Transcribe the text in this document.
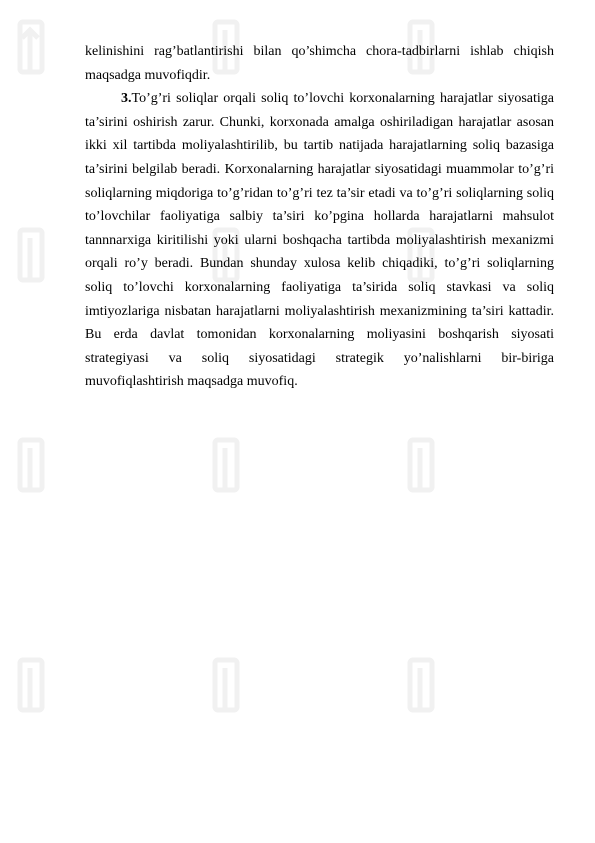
kelinishini rag’batlantirishi bilan qo’shimcha chora-tadbirlarni ishlab chiqish
maqsadga muvofiqdir.
3.To’g’ri soliqlar orqali soliq to’lovchi korxonalarning harajatlar siyosatiga
ta’sirini oshirish zarur. Chunki, korxonada amalga oshiriladigan harajatlar asosan
ikki xil tartibda moliyalashtirilib, bu tartib natijada harajatlarning soliq bazasiga
ta’sirini belgilab beradi. Korxonalarning harajatlar siyosatidagi muammolar to’g’ri
soliqlarning miqdoriga to’g’ridan to’g’ri tez ta’sir etadi va to’g’ri soliqlarning soliq
to’lovchilar faoliyatiga salbiy ta’siri ko’pgina hollarda harajatlarni mahsulot
tannnarxiga kiritilishi yoki ularni boshqacha tartibda moliyalashtirish mexanizmi
orqali ro’y beradi. Bundan shunday xulosa kelib chiqadiki, to’g’ri soliqlarning
soliq to’lovchi korxonalarning faoliyatiga ta’sirida soliq stavkasi va soliq
imtiyozlariga nisbatan harajatlarni moliyalashtirish mexanizmining ta’siri kattadir.
Bu erda davlat tomonidan korxonalarning moliyasini boshqarish siyosati
strategiyasi va soliq siyosatidagi strategik yo’nalishlarni bir-biriga
muvofiqlashtirish maqsadga muvofiq.
